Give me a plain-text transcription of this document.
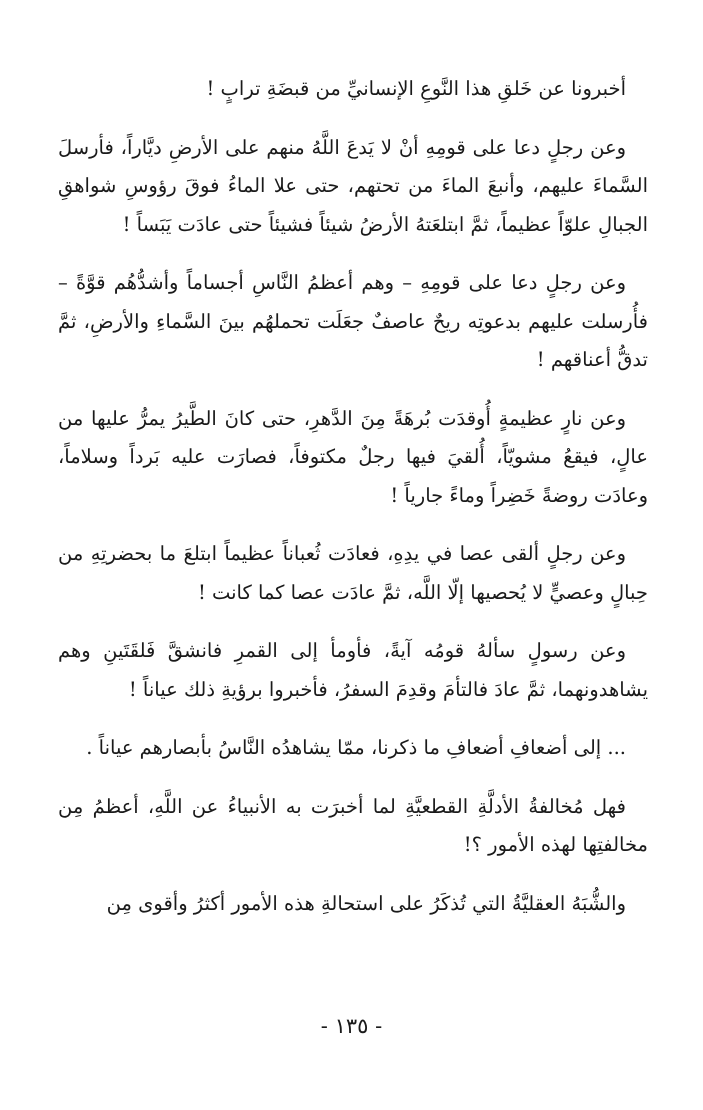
أخبرونا عن خَلقِ هذا النَّوعِ الإنسانيِّ من قبضَةِ ترابٍ !

وعن رجلٍ دعا على قومِهِ أنْ لا يَدعَ اللَّهُ منهم على الأرضِ ديَّاراً، فأرسلَ السَّماءَ عليهم، وأنبعَ الماءَ من تحتهم، حتى علا الماءُ فوقَ رؤوسِ شواهقِ الجبالِ علوّاً عظيماً، ثمَّ ابتلعَتهُ الأرضُ شيئاً فشيئاً حتى عادَت يَبَساً !

وعن رجلٍ دعا على قومِهِ – وهم أعظمُ النَّاسِ أجساماً وأشدُّهُم قوَّةً – فأُرسلت عليهم بدعوتِه ريحٌ عاصفٌ جعَلَت تحملهُم بينَ السَّماءِ والأرضِ، ثمَّ تدقُّ أعناقهم !

وعن نارٍ عظيمةٍ أُوقدَت بُرهَةً مِنَ الدَّهرِ، حتى كانَ الطَّيرُ يمرُّ عليها من عالٍ، فيقعُ مشويّاً، أُلقيَ فيها رجلٌ مكتوفاً، فصارَت عليه بَرداً وسلاماً، وعادَت روضةً خَضِراً وماءً جارياً !

وعن رجلٍ ألقى عصا في يدِهِ، فعادَت ثُعباناً عظيماً ابتلعَ ما بحضرتِهِ من حِبالٍ وعصيٍّ لا يُحصيها إلّا اللَّه، ثمَّ عادَت عصا كما كانت !

وعن رسولٍ سألهُ قومُه آيةً، فأومأ إلى القمرِ فانشقَّ فَلقَتَينِ وهم يشاهدونهما، ثمَّ عادَ فالتأمَ وقدِمَ السفرُ، فأخبروا برؤيةِ ذلك عياناً !

... إلى أضعافِ أضعافِ ما ذكرنا، ممّا يشاهدُه النَّاسُ بأبصارهم عياناً .

فهل مُخالفةُ الأدلَّةِ القطعيَّةِ لما أخبرَت به الأنبياءُ عن اللَّهِ، أعظمُ مِن مخالفتِها لهذه الأمور ؟!

والشُّبَهُ العقليَّةُ التي تُذكَرُ على استحالةِ هذه الأمور أكثرُ وأقوى مِن

- ١٣٥ -
